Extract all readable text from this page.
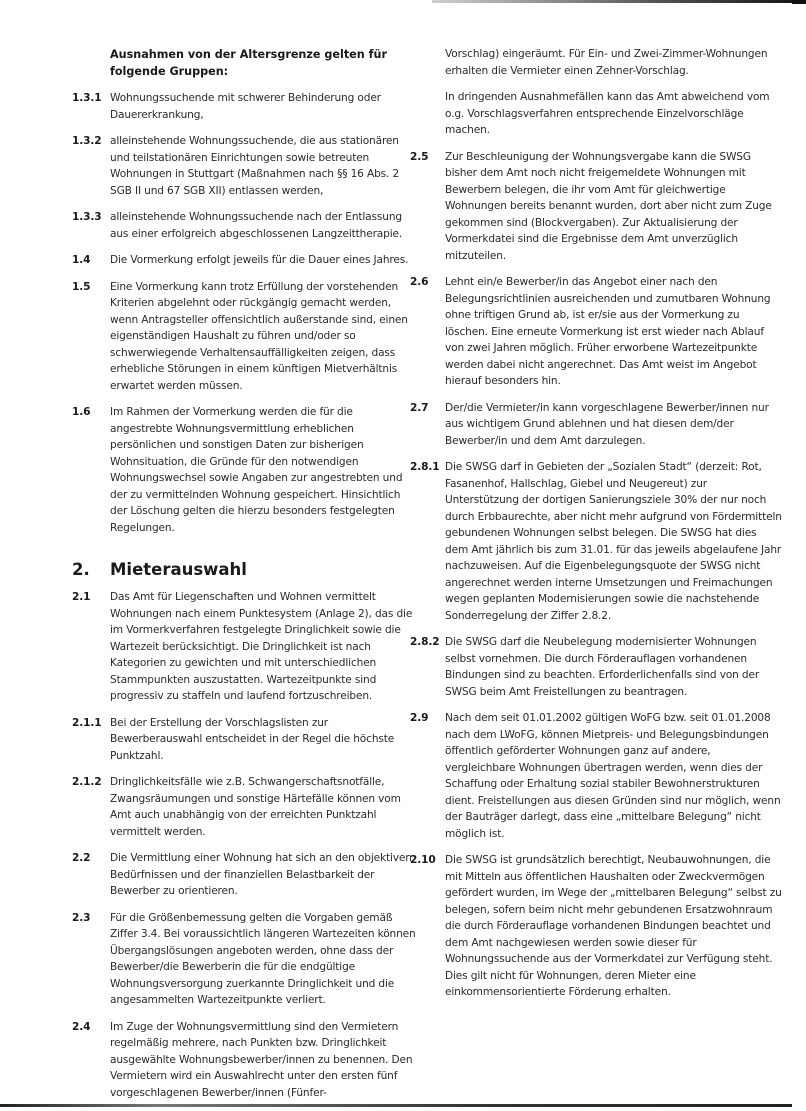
Ausnahmen von der Altersgrenze gelten für folgende Gruppen:
1.3.1 Wohnungssuchende mit schwerer Behinderung oder Dauererkrankung,
1.3.2 alleinstehende Wohnungssuchende, die aus stationären und teilstationären Einrichtungen sowie betreuten Wohnungen in Stuttgart (Maßnahmen nach §§ 16 Abs. 2 SGB II und 67 SGB XII) entlassen werden,
1.3.3 alleinstehende Wohnungssuchende nach der Entlassung aus einer erfolgreich abgeschlossenen Langzeittherapie.
1.4	Die Vormerkung erfolgt jeweils für die Dauer eines Jahres.
1.5	Eine Vormerkung kann trotz Erfüllung der vorstehenden Kriterien abgelehnt oder rückgängig gemacht werden, wenn Antragsteller offensichtlich außerstande sind, einen eigenständigen Haushalt zu führen und/oder so schwerwiegende Verhaltensauffälligkeiten zeigen, dass erhebliche Störungen in einem künftigen Mietverhältnis erwartet werden müssen.
1.6	Im Rahmen der Vormerkung werden die für die angestrebte Wohnungsvermittlung erheblichen persönlichen und sonstigen Daten zur bisherigen Wohnsituation, die Gründe für den notwendigen Wohnungswechsel sowie Angaben zur angestrebten und der zu vermittelnden Wohnung gespeichert. Hinsichtlich der Löschung gelten die hierzu besonders festgelegten Regelungen.
2.	Mieterauswahl
2.1	Das Amt für Liegenschaften und Wohnen vermittelt Wohnungen nach einem Punktesystem (Anlage 2), das die im Vormerkverfahren festgelegte Dringlichkeit sowie die Wartezeit berücksichtigt. Die Dringlichkeit ist nach Kategorien zu gewichten und mit unterschiedlichen Stammpunkten auszustatten. Wartezeitpunkte sind progressiv zu staffeln und laufend fortzuschreiben.
2.1.1 Bei der Erstellung der Vorschlagslisten zur Bewerberauswahl entscheidet in der Regel die höchste Punktzahl.
2.1.2 Dringlichkeitsfälle wie z.B. Schwangerschaftsnotfälle, Zwangsräumungen und sonstige Härtefälle können vom Amt auch unabhängig von der erreichten Punktzahl vermittelt werden.
2.2	Die Vermittlung einer Wohnung hat sich an den objektiven Bedürfnissen und der finanziellen Belastbarkeit der Bewerber zu orientieren.
2.3	Für die Größenbemessung gelten die Vorgaben gemäß Ziffer 3.4. Bei voraussichtlich längeren Wartezeiten können Übergangslösungen angeboten werden, ohne dass der Bewerber/die Bewerberin die für die endgültige Wohnungsversorgung zuerkannte Dringlichkeit und die angesammelten Wartezeitpunkte verliert.
2.4	Im Zuge der Wohnungsvermittlung sind den Vermietern regelmäßig mehrere, nach Punkten bzw. Dringlichkeit ausgewählte Wohnungsbewerber/innen zu benennen. Den Vermietern wird ein Auswahlrecht unter den ersten fünf vorgeschlagenen Bewerber/innen (Fünfer-
Vorschlag) eingeräumt. Für Ein- und Zwei-Zimmer-Wohnungen erhalten die Vermieter einen Zehner-Vorschlag.
In dringenden Ausnahmefällen kann das Amt abweichend vom o.g. Vorschlagsverfahren entsprechende Einzelvorschläge machen.
2.5	Zur Beschleunigung der Wohnungsvergabe kann die SWSG bisher dem Amt noch nicht freigemeldete Wohnungen mit Bewerbern belegen, die ihr vom Amt für gleichwertige Wohnungen bereits benannt wurden, dort aber nicht zum Zuge gekommen sind (Blockvergaben). Zur Aktualisierung der Vormerkdatei sind die Ergebnisse dem Amt unverzüglich mitzuteilen.
2.6	Lehnt ein/e Bewerber/in das Angebot einer nach den Belegungsrichtlinien ausreichenden und zumutbaren Wohnung ohne triftigen Grund ab, ist er/sie aus der Vormerkung zu löschen. Eine erneute Vormerkung ist erst wieder nach Ablauf von zwei Jahren möglich. Früher erworbene Wartezeitpunkte werden dabei nicht angerechnet. Das Amt weist im Angebot hierauf besonders hin.
2.7	Der/die Vermieter/in kann vorgeschlagene Bewerber/innen nur aus wichtigem Grund ablehnen und hat diesen dem/der Bewerber/in und dem Amt darzulegen.
2.8.1 Die SWSG darf in Gebieten der „Sozialen Stadt“ (derzeit: Rot, Fasanenhof, Hallschlag, Giebel und Neugereut) zur Unterstützung der dortigen Sanierungsziele 30% der nur noch durch Erbbaurechte, aber nicht mehr aufgrund von Fördermitteln gebundenen Wohnungen selbst belegen. Die SWSG hat dies dem Amt jährlich bis zum 31.01. für das jeweils abgelaufene Jahr nachzuweisen. Auf die Eigenbelegungsquote der SWSG nicht angerechnet werden interne Umsetzungen und Freimachungen wegen geplanten Modernisierungen sowie die nachstehende Sonderregelung der Ziffer 2.8.2.
2.8.2 Die SWSG darf die Neubelegung modernisierter Wohnungen selbst vornehmen. Die durch Förderauflagen vorhandenen Bindungen sind zu beachten. Erforderlichenfalls sind von der SWSG beim Amt Freistellungen zu beantragen.
2.9	Nach dem seit 01.01.2002 gültigen WoFG bzw. seit 01.01.2008 nach dem LWoFG, können Mietpreis- und Belegungsbindungen öffentlich geförderter Wohnungen ganz auf andere, vergleichbare Wohnungen übertragen werden, wenn dies der Schaffung oder Erhaltung sozial stabiler Bewohnerstrukturen dient. Freistellungen aus diesen Gründen sind nur möglich, wenn der Bauträger darlegt, dass eine „mittelbare Belegung“ nicht möglich ist.
2.10 Die SWSG ist grundsätzlich berechtigt, Neubauwohnungen, die mit Mitteln aus öffentlichen Haushalten oder Zweckvermögen gefördert wurden, im Wege der „mittelbaren Belegung“ selbst zu belegen, sofern beim nicht mehr gebundenen Ersatzwohnraum die durch Förderauflage vorhandenen Bindungen beachtet und dem Amt nachgewiesen werden sowie dieser für Wohnungssuchende aus der Vormerkdatei zur Verfügung steht. Dies gilt nicht für Wohnungen, deren Mieter eine einkommensorientierte Förderung erhalten.
